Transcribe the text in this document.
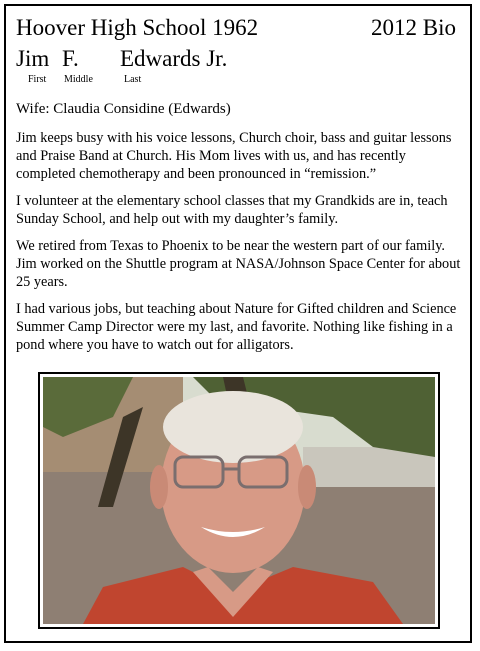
Hoover High School 1962	2012 Bio
Jim F. Edwards Jr.
First Middle	Last
Wife: Claudia Considine (Edwards)

Jim keeps busy with his voice lessons, Church choir, bass and guitar lessons and Praise Band at Church. His Mom lives with us, and has recently completed chemotherapy and been pronounced in “remission.”

I volunteer at the elementary school classes that my Grandkids are in, teach Sunday School, and help out with my daughter’s family.

We retired from Texas to Phoenix to be near the western part of our family. Jim worked on the Shuttle program at NASA/Johnson Space Center for about 25 years.

I had various jobs, but teaching about Nature for Gifted children and Science Summer Camp Director were my last, and favorite. Nothing like fishing in a pond where you have to watch out for alligators.
